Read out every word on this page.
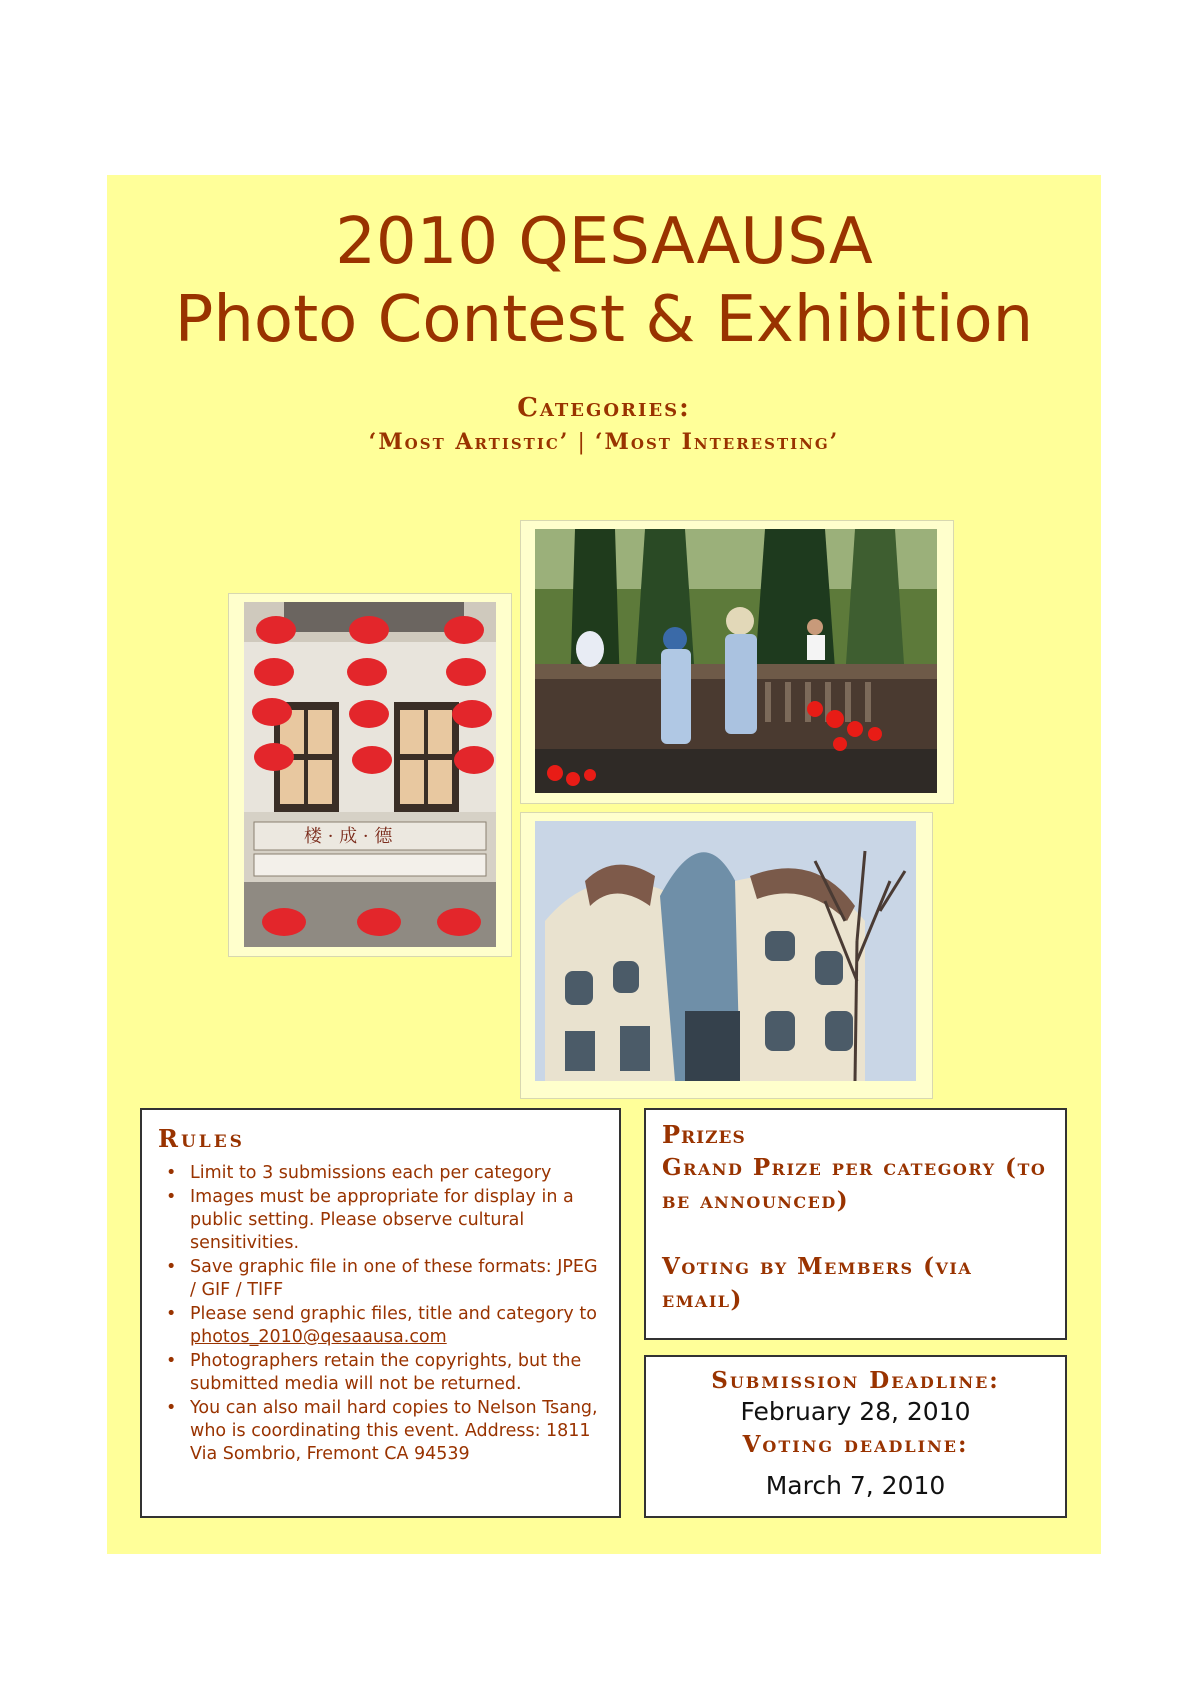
2010 QESAAUSA
Photo Contest & Exhibition
Categories:
‘Most Artistic’ | ‘Most Interesting’
楼 · 成 · 德
Rules
• Limit to 3 submissions each per category
• Images must be appropriate for display in a public setting. Please observe cultural sensitivities.
• Save graphic file in one of these formats: JPEG / GIF / TIFF
• Please send graphic files, title and category to
photos_2010@qesaausa.com
• Photographers retain the copyrights, but the submitted media will not be returned.
• You can also mail hard copies to Nelson Tsang, who is coordinating this event. Address: 1811 Via Sombrio, Fremont CA 94539
Prizes
Grand Prize per category (to be announced)
Voting by Members (via email)
Submission Deadline:
February 28, 2010
Voting deadline:
March 7, 2010
